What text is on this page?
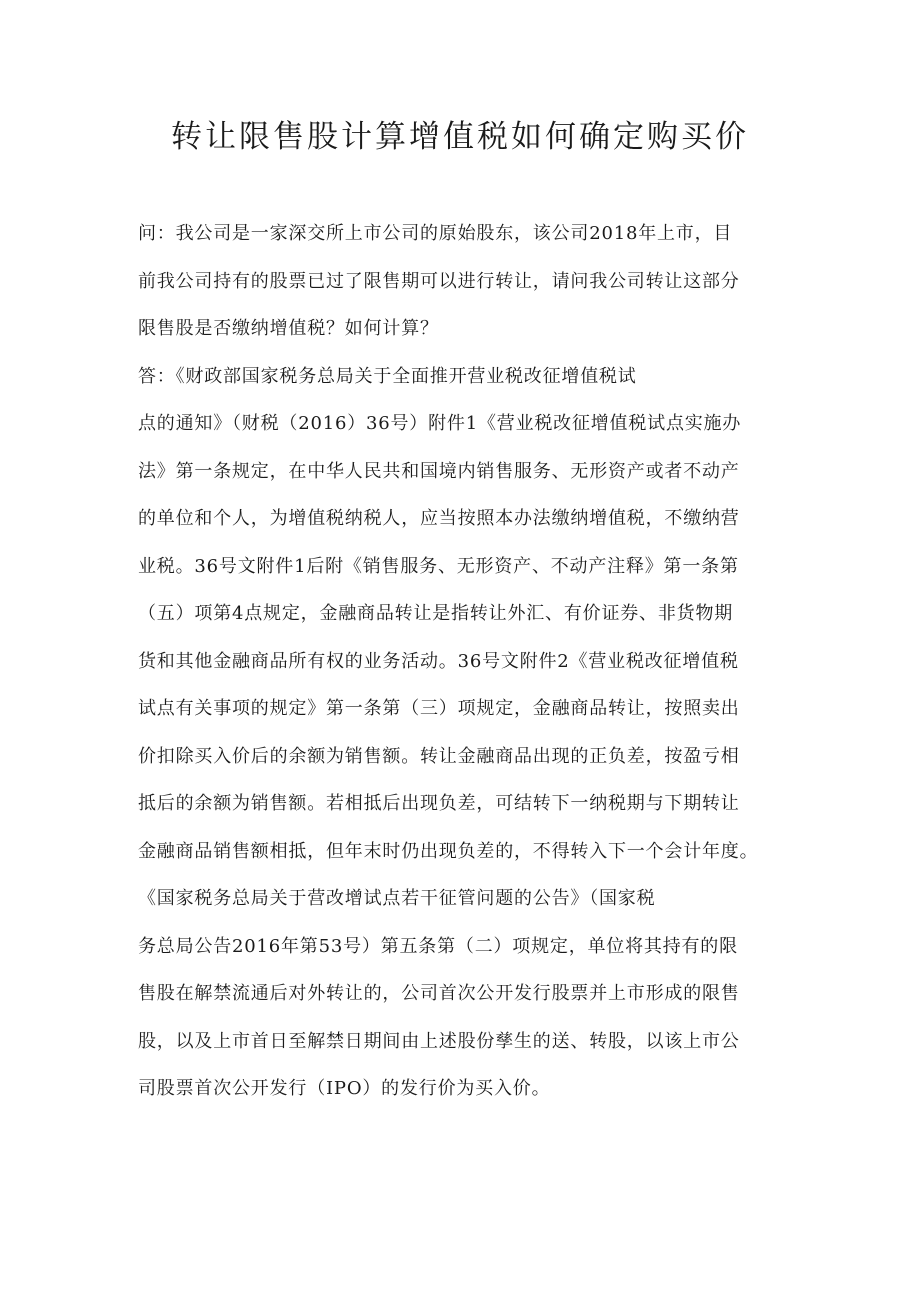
转让限售股计算增值税如何确定购买价
问：我公司是一家深交所上市公司的原始股东，该公司2018年上市，目
前我公司持有的股票已过了限售期可以进行转让，请问我公司转让这部分
限售股是否缴纳增值税？如何计算？
答：《财政部国家税务总局关于全面推开营业税改征增值税试
点的通知》（财税（2016）36号）附件1《营业税改征增值税试点实施办
法》第一条规定，在中华人民共和国境内销售服务、无形资产或者不动产
的单位和个人，为增值税纳税人，应当按照本办法缴纳增值税，不缴纳营
业税。36号文附件1后附《销售服务、无形资产、不动产注释》第一条第
（五）项第4点规定，金融商品转让是指转让外汇、有价证券、非货物期
货和其他金融商品所有权的业务活动。36号文附件2《营业税改征增值税
试点有关事项的规定》第一条第（三）项规定，金融商品转让，按照卖出
价扣除买入价后的余额为销售额。转让金融商品出现的正负差，按盈亏相
抵后的余额为销售额。若相抵后出现负差，可结转下一纳税期与下期转让
金融商品销售额相抵，但年末时仍出现负差的，不得转入下一个会计年度。
《国家税务总局关于营改增试点若干征管问题的公告》（国家税
务总局公告2016年第53号）第五条第（二）项规定，单位将其持有的限
售股在解禁流通后对外转让的，公司首次公开发行股票并上市形成的限售
股，以及上市首日至解禁日期间由上述股份孳生的送、转股，以该上市公
司股票首次公开发行（IPO）的发行价为买入价。
